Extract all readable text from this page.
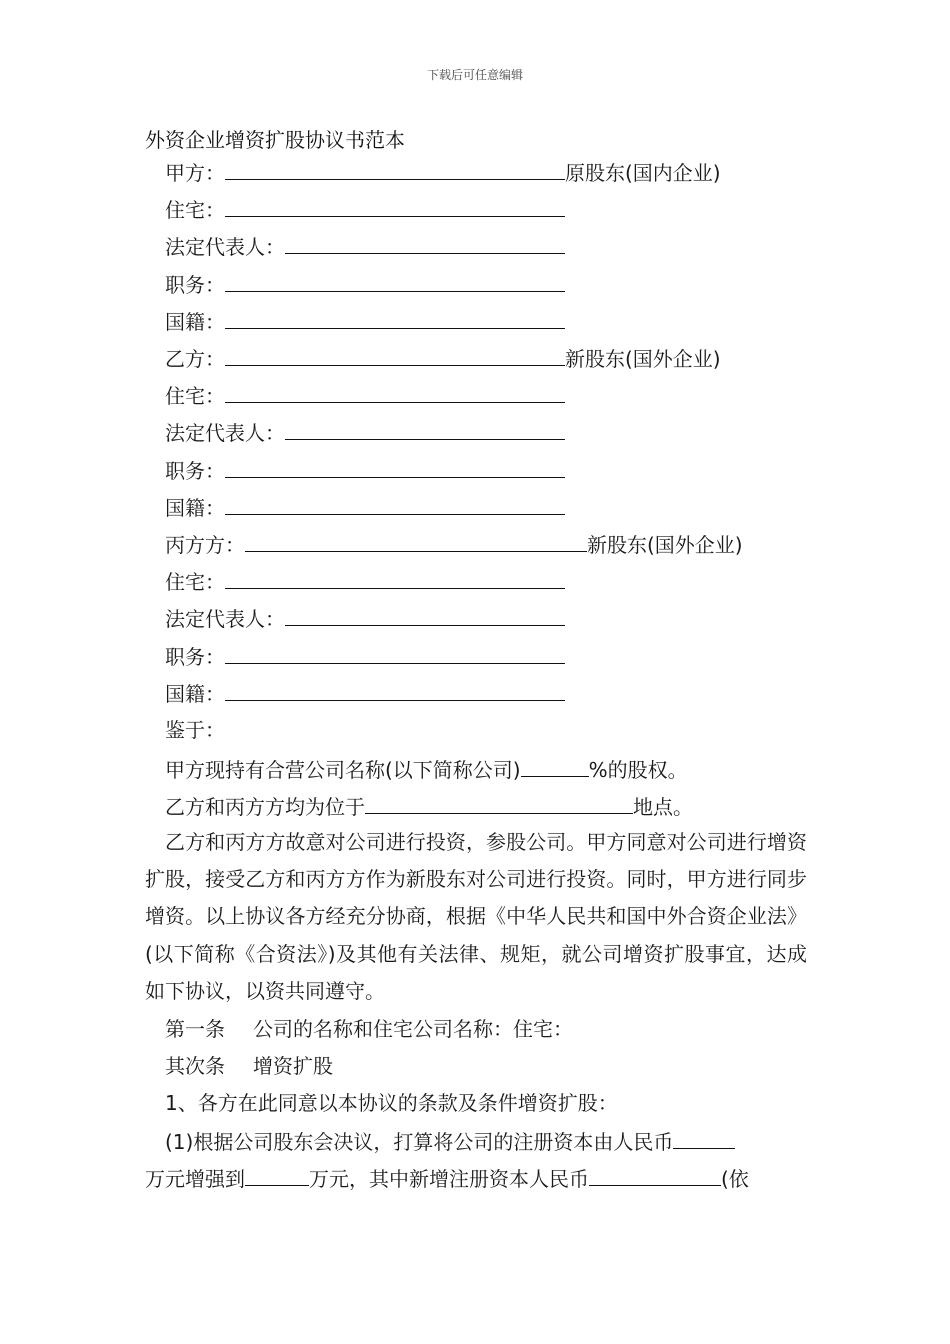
下载后可任意编辑
外资企业增资扩股协议书范本
甲方：	原股东(国内企业)
住宅：
法定代表人：
职务：
国籍：
乙方：	新股东(国外企业)
住宅：
法定代表人：
职务：
国籍：
丙方方：	新股东(国外企业)
住宅：
法定代表人：
职务：
国籍：
鉴于：
甲方现持有合营公司名称(以下简称公司)	%的股权。
乙方和丙方方均为位于	地点。

乙方和丙方方故意对公司进行投资，参股公司。甲方同意对公司进行增资扩股，接受乙方和丙方方作为新股东对公司进行投资。同时，甲方进行同步增资。以上协议各方经充分协商，根据《中华人民共和国中外合资企业法》(以下简称《合资法》)及其他有关法律、规矩，就公司增资扩股事宜，达成如下协议，以资共同遵守。

第一条 公司的名称和住宅公司名称：住宅：
其次条 增资扩股
1、各方在此同意以本协议的条款及条件增资扩股：
(1)根据公司股东会决议，打算将公司的注册资本由人民币
万元增强到	万元，其中新增注册资本人民币	(依
